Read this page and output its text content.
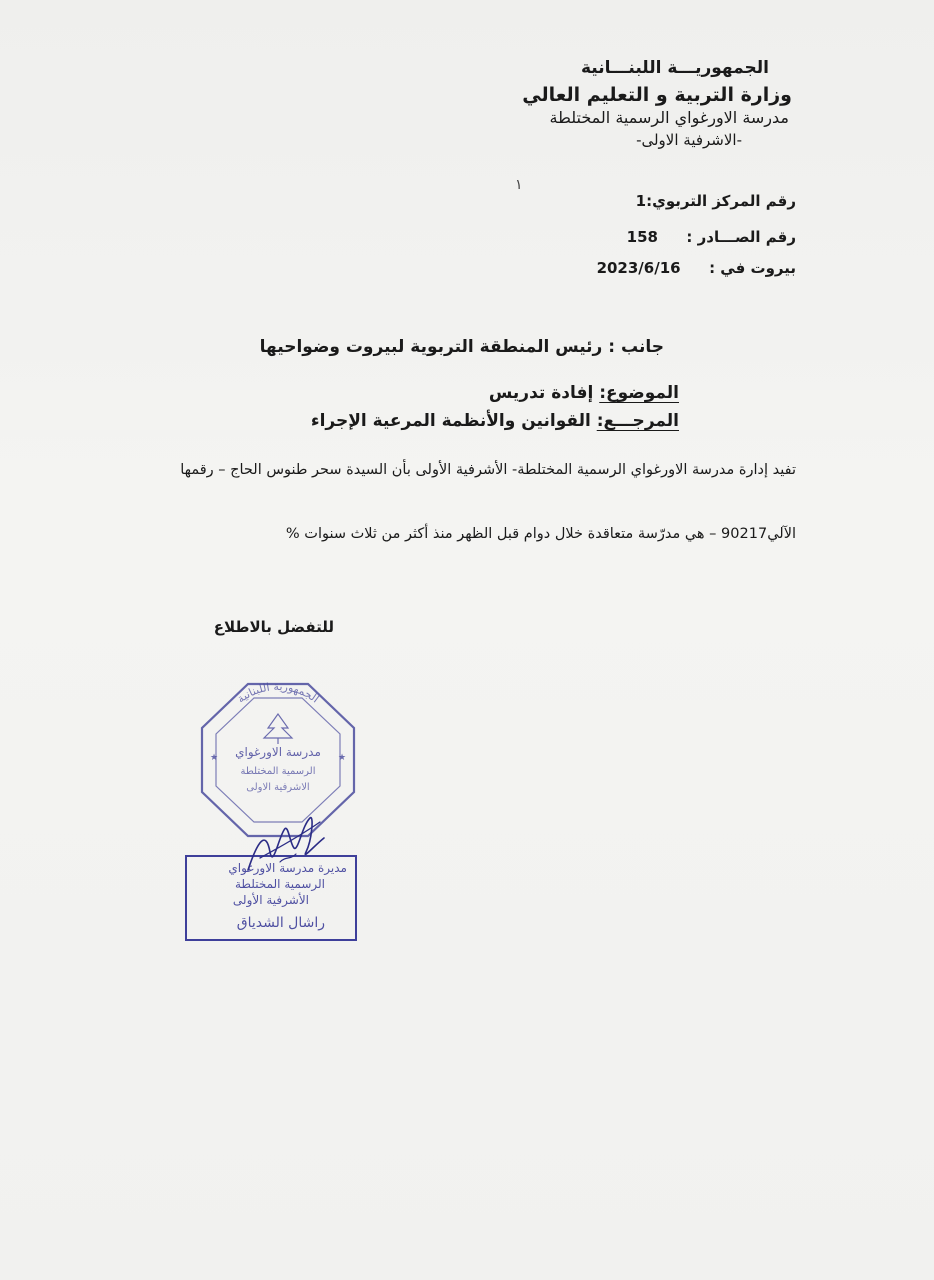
الجمهوريـــة اللبنـــانية
وزارة التربية و التعليم العالي
مدرسة الاورغواي الرسمية المختلطة
-الاشرفية الاولى-
١
رقم المركز التربوي:1
رقم الصـــادر :  158
بيروت في :  2023/6/16
جانب : رئيس المنطقة التربوية لبيروت وضواحيها
الموضوع: إفادة تدريس
المرجـــع: القوانين والأنظمة المرعية الإجراء
تفيد إدارة مدرسة الاورغواي الرسمية المختلطة- الأشرفية الأولى بأن السيدة سحر طنوس الحاج – رقمها
الآلي90217 – هي مدرّسة متعاقدة خلال دوام قبل الظهر منذ أكثر من ثلاث سنوات %
للتفضل بالاطلاع
الجمهورية اللبنانية
★	★
مدرسة الاورغواي
الرسمية المختلطة
الاشرفية الاولى
مديرة مدرسة الاورغواي
الرسمية المختلطة
الأشرفية الأولى
راشال الشدياق
